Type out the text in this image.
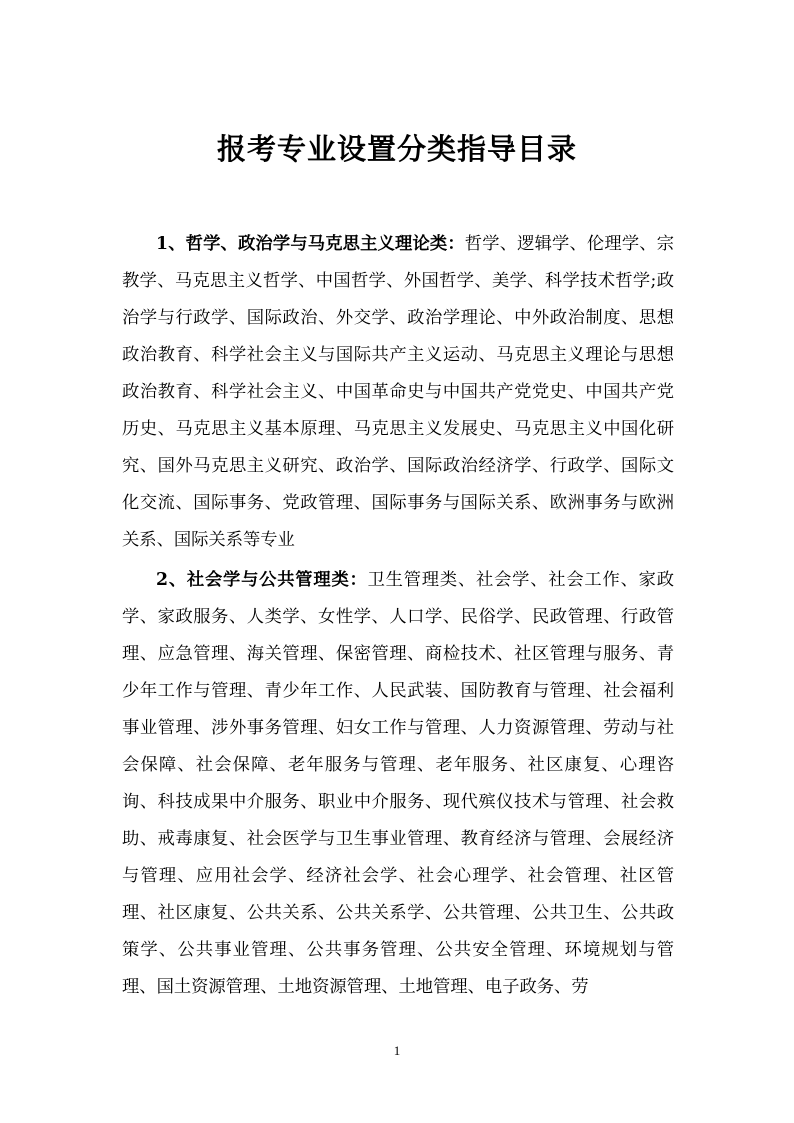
报考专业设置分类指导目录
1、哲学、政治学与马克思主义理论类：哲学、逻辑学、伦理学、宗教学、马克思主义哲学、中国哲学、外国哲学、美学、科学技术哲学;政治学与行政学、国际政治、外交学、政治学理论、中外政治制度、思想政治教育、科学社会主义与国际共产主义运动、马克思主义理论与思想政治教育、科学社会主义、中国革命史与中国共产党党史、中国共产党历史、马克思主义基本原理、马克思主义发展史、马克思主义中国化研究、国外马克思主义研究、政治学、国际政治经济学、行政学、国际文化交流、国际事务、党政管理、国际事务与国际关系、欧洲事务与欧洲关系、国际关系等专业
2、社会学与公共管理类：卫生管理类、社会学、社会工作、家政学、家政服务、人类学、女性学、人口学、民俗学、民政管理、行政管理、应急管理、海关管理、保密管理、商检技术、社区管理与服务、青少年工作与管理、青少年工作、人民武装、国防教育与管理、社会福利事业管理、涉外事务管理、妇女工作与管理、人力资源管理、劳动与社会保障、社会保障、老年服务与管理、老年服务、社区康复、心理咨询、科技成果中介服务、职业中介服务、现代殡仪技术与管理、社会救助、戒毒康复、社会医学与卫生事业管理、教育经济与管理、会展经济与管理、应用社会学、经济社会学、社会心理学、社会管理、社区管理、社区康复、公共关系、公共关系学、公共管理、公共卫生、公共政策学、公共事业管理、公共事务管理、公共安全管理、环境规划与管理、国土资源管理、土地资源管理、土地管理、电子政务、劳
1
